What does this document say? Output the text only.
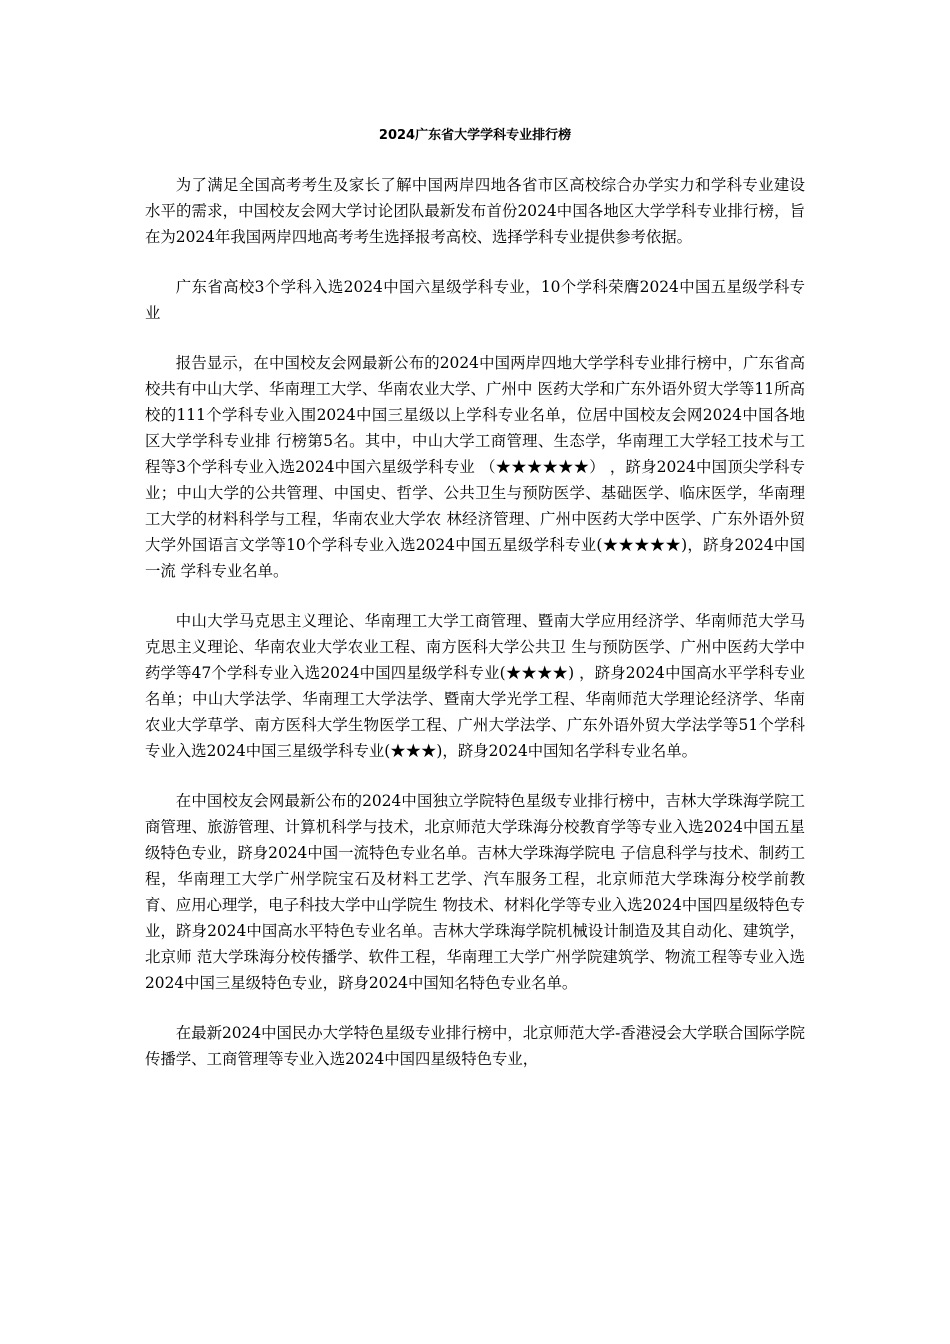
2024广东省大学学科专业排行榜

为了满足全国高考考生及家长了解中国两岸四地各省市区高校综合办学实力和学科专业建设水平的需求，中国校友会网大学讨论团队最新发布首份2024中国各地区大学学科专业排行榜，旨在为2024年我国两岸四地高考考生选择报考高校、选择学科专业提供参考依据。

广东省高校3个学科入选2024中国六星级学科专业，10个学科荣膺2024中国五星级学科专业

报告显示，在中国校友会网最新公布的2024中国两岸四地大学学科专业排行榜中，广东省高校共有中山大学、华南理工大学、华南农业大学、广州中 医药大学和广东外语外贸大学等11所高校的111个学科专业入围2024中国三星级以上学科专业名单，位居中国校友会网2024中国各地区大学学科专业排 行榜第5名。其中，中山大学工商管理、生态学，华南理工大学轻工技术与工程等3个学科专业入选2024中国六星级学科专业 （★★★★★★） ，跻身2024中国顶尖学科专业；中山大学的公共管理、中国史、哲学、公共卫生与预防医学、基础医学、临床医学，华南理工大学的材料科学与工程，华南农业大学农 林经济管理、广州中医药大学中医学、广东外语外贸大学外国语言文学等10个学科专业入选2024中国五星级学科专业(★★★★★)，跻身2024中国一流 学科专业名单。

中山大学马克思主义理论、华南理工大学工商管理、暨南大学应用经济学、华南师范大学马克思主义理论、华南农业大学农业工程、南方医科大学公共卫 生与预防医学、广州中医药大学中药学等47个学科专业入选2024中国四星级学科专业(★★★★) ，跻身2024中国高水平学科专业名单；中山大学法学、华南理工大学法学、暨南大学光学工程、华南师范大学理论经济学、华南农业大学草学、南方医科大学生物医学工程、广州大学法学、广东外语外贸大学法学等51个学科专业入选2024中国三星级学科专业(★★★)，跻身2024中国知名学科专业名单。

在中国校友会网最新公布的2024中国独立学院特色星级专业排行榜中，吉林大学珠海学院工商管理、旅游管理、计算机科学与技术，北京师范大学珠海分校教育学等专业入选2024中国五星级特色专业，跻身2024中国一流特色专业名单。吉林大学珠海学院电 子信息科学与技术、制药工程，华南理工大学广州学院宝石及材料工艺学、汽车服务工程，北京师范大学珠海分校学前教育、应用心理学，电子科技大学中山学院生 物技术、材料化学等专业入选2024中国四星级特色专业，跻身2024中国高水平特色专业名单。吉林大学珠海学院机械设计制造及其自动化、建筑学，北京师 范大学珠海分校传播学、软件工程，华南理工大学广州学院建筑学、物流工程等专业入选2024中国三星级特色专业，跻身2024中国知名特色专业名单。

在最新2024中国民办大学特色星级专业排行榜中，北京师范大学-香港浸会大学联合国际学院传播学、工商管理等专业入选2024中国四星级特色专业，
